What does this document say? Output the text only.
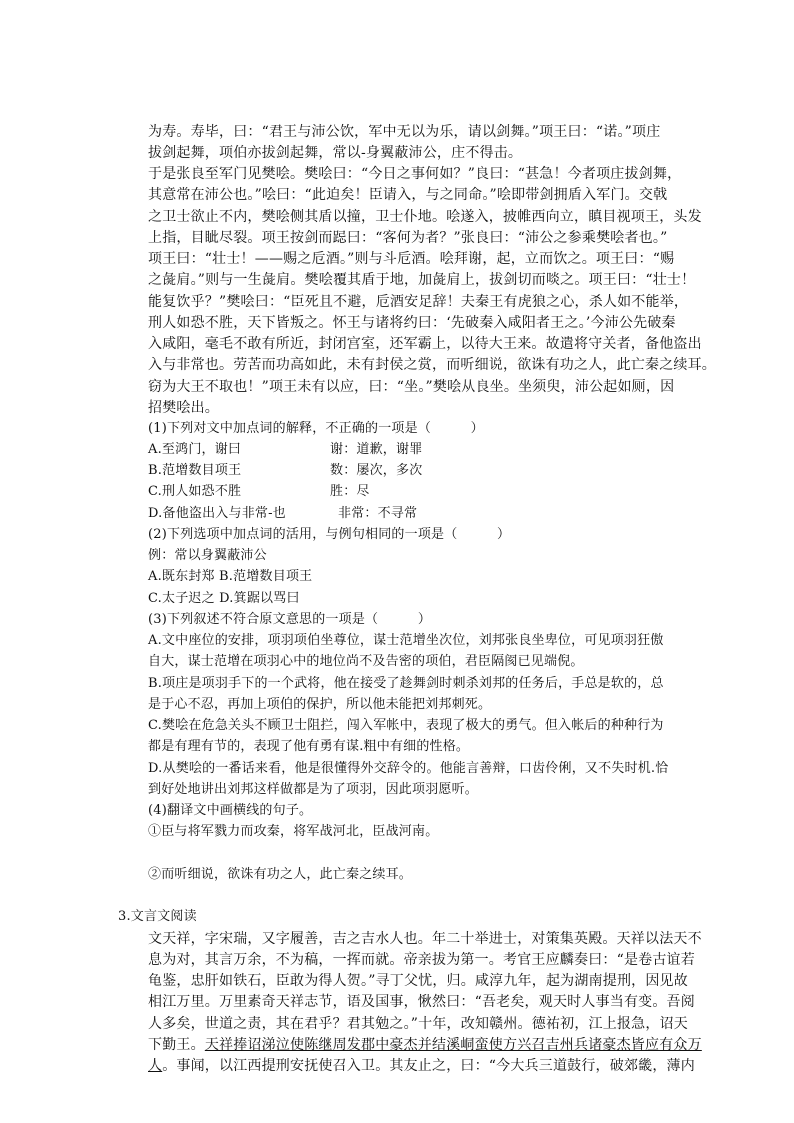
为寿。寿毕，曰：“君王与沛公饮，军中无以为乐，请以剑舞。”项王曰：“诺。”项庄
拔剑起舞，项伯亦拔剑起舞，常以-身翼蔽沛公，庄不得击。
于是张良至军门见樊哙。樊哙曰：“今日之事何如？”良曰：“甚急！今者项庄拔剑舞，
其意常在沛公也。”哙曰：“此迫矣！臣请入，与之同命。”哙即带剑拥盾入军门。交戟
之卫士欲止不内，樊哙侧其盾以撞，卫士仆地。哙遂入，披帷西向立，瞋目视项王，头发
上指，目眦尽裂。项王按剑而跽曰：“客何为者？”张良曰：“沛公之参乘樊哙者也。”
项王曰：“壮士！——赐之卮酒。”则与斗卮酒。哙拜谢，起，立而饮之。项王曰：“赐
之彘肩。”则与一生彘肩。樊哙覆其盾于地，加彘肩上，拔剑切而啖之。项王曰：“壮士！
能复饮乎？”樊哙曰：“臣死且不避，卮酒安足辞！夫秦王有虎狼之心，杀人如不能举，
刑人如恐不胜，天下皆叛之。怀王与诸将约曰：‘先破秦入咸阳者王之。’今沛公先破秦
入咸阳，毫毛不敢有所近，封闭宫室，还军霸上，以待大王来。故遣将守关者，备他盗出
入与非常也。劳苦而功高如此，未有封侯之赏，而听细说，欲诛有功之人，此亡秦之续耳。
窃为大王不取也！”项王未有以应，曰：“坐。”樊哙从良坐。坐须臾，沛公起如厕，因
招樊哙出。
(1)下列对文中加点词的解释，不正确的一项是（　　　）
A.至鸿门，谢曰	谢：道歉，谢罪
B.范增数目项王	数：屡次，多次
C.刑人如恐不胜	胜：尽
D.备他盗出入与非常-也	非常：不寻常
(2)下列选项中加点词的活用，与例句相同的一项是（　　　）
例：常以身翼蔽沛公
A.既东封郑 B.范增数目项王
C.太子迟之 D.箕踞以骂曰
(3)下列叙述不符合原文意思的一项是（　　　）
A.文中座位的安排，项羽项伯坐尊位，谋士范增坐次位，刘邦张良坐卑位，可见项羽狂傲
自大，谋士范增在项羽心中的地位尚不及告密的项伯，君臣隔阂已见端倪。
B.项庄是项羽手下的一个武将，他在接受了趁舞剑时刺杀刘邦的任务后，手总是软的，总
是于心不忍，再加上项伯的保护，所以他未能把刘邦刺死。
C.樊哙在危急关头不顾卫士阻拦，闯入军帐中，表现了极大的勇气。但入帐后的种种行为
都是有理有节的，表现了他有勇有谋.粗中有细的性格。
D.从樊哙的一番话来看，他是很懂得外交辞令的。他能言善辩，口齿伶俐，又不失时机.恰
到好处地讲出刘邦这样做都是为了项羽，因此项羽愿听。
(4)翻译文中画横线的句子。
①臣与将军戮力而攻秦，将军战河北，臣战河南。
②而听细说，欲诛有功之人，此亡秦之续耳。
3.文言文阅读
文天祥，字宋瑞，又字履善，吉之吉水人也。年二十举进士，对策集英殿。天祥以法天不
息为对，其言万余，不为稿，一挥而就。帝亲拔为第一。考官王应麟奏曰：“是卷古谊若
龟鉴，忠肝如铁石，臣敢为得人贺。”寻丁父忧，归。咸淳九年，起为湖南提刑，因见故
相江万里。万里素奇天祥志节，语及国事，愀然曰：“吾老矣，观天时人事当有变。吾阅
人多矣，世道之责，其在君乎？君其勉之。”十年，改知赣州。德祐初，江上报急，诏天
下勤王。天祥捧诏涕泣使陈继周发郡中豪杰并结溪峒蛮使方兴召吉州兵诸豪杰皆应有众万
人。事闻，以江西提刑安抚使召入卫。其友止之，曰：“今大兵三道鼓行，破郊畿，薄内
